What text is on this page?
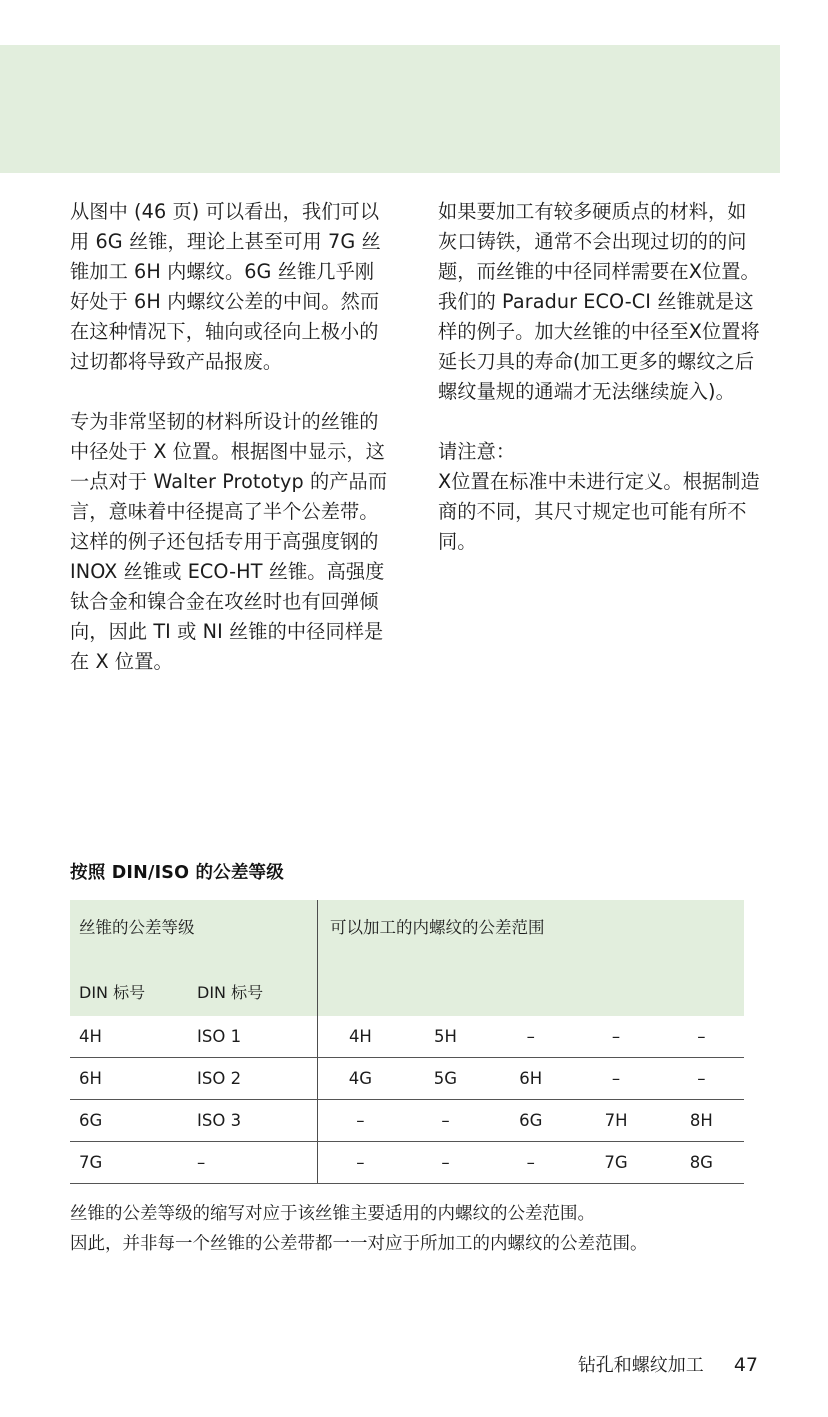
从图中 (46 页) 可以看出，我们可以用 6G 丝锥，理论上甚至可用 7G 丝锥加工 6H 内螺纹。6G 丝锥几乎刚好处于 6H 内螺纹公差的中间。然而在这种情况下，轴向或径向上极小的过切都将导致产品报废。

专为非常坚韧的材料所设计的丝锥的中径处于 X 位置。根据图中显示，这一点对于 Walter Prototyp 的产品而言，意味着中径提高了半个公差带。这样的例子还包括专用于高强度钢的 INOX 丝锥或 ECO-HT 丝锥。高强度钛合金和镍合金在攻丝时也有回弹倾向，因此 TI 或 NI 丝锥的中径同样是在 X 位置。

如果要加工有较多硬质点的材料，如灰口铸铁，通常不会出现过切的的问题，而丝锥的中径同样需要在X位置。我们的 Paradur ECO-CI 丝锥就是这样的例子。加大丝锥的中径至X位置将延长刀具的寿命(加工更多的螺纹之后螺纹量规的通端才无法继续旋入)。

请注意：

X位置在标准中未进行定义。根据制造商的不同，其尺寸规定也可能有所不同。

按照 DIN/ISO 的公差等级
丝锥的公差等级
DIN 标号 DIN 标号	可以加工的内螺纹的公差范围				

4H ISO 1	4H	5H	–	–	–

6H ISO 2	4G	5G	6H	–	–

6G ISO 3	–	–	6G	7H	8H

7G –	–	–	–	7G	8G
丝锥的公差等级的缩写对应于该丝锥主要适用的内螺纹的公差范围。
因此，并非每一个丝锥的公差带都一一对应于所加工的内螺纹的公差范围。
钻孔和螺纹加工 47
